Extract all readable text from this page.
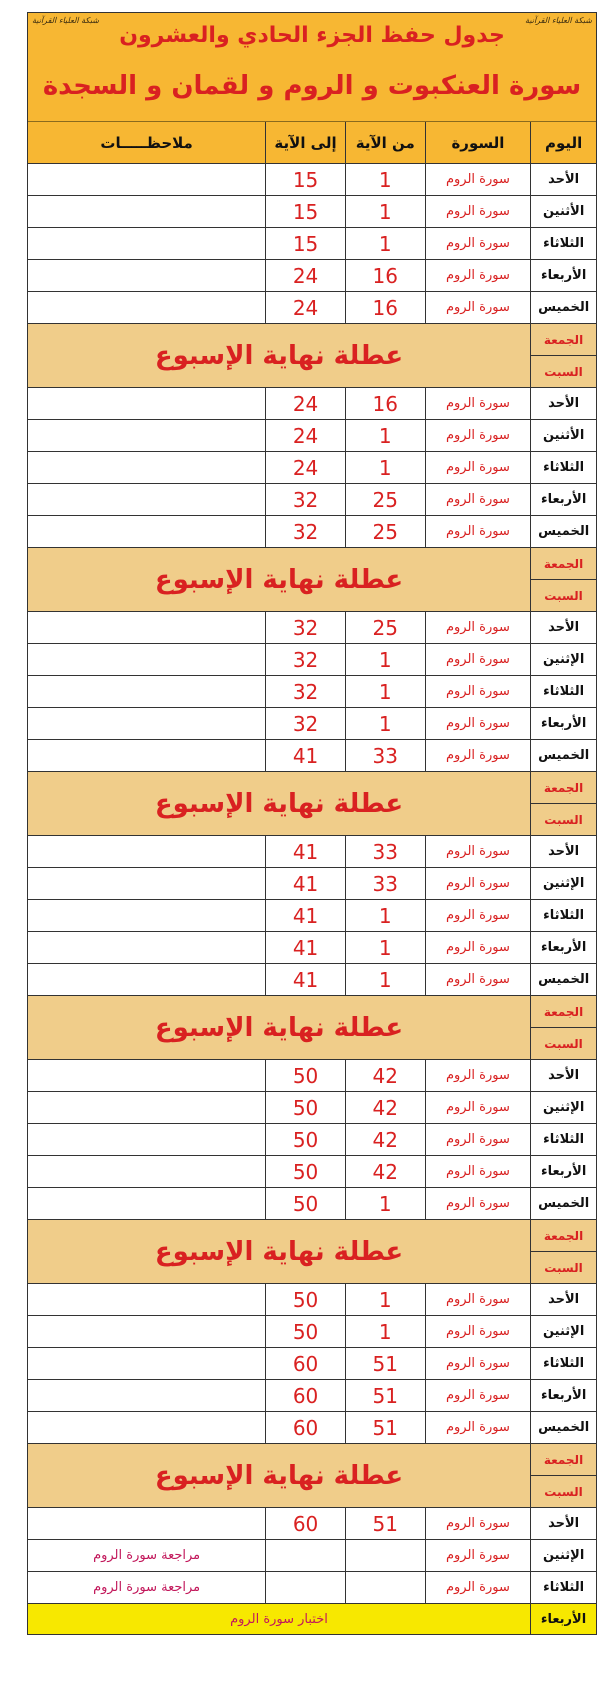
شبكة العلياء القرآنية
شبكة العلياء القرآنية
جدول حفظ الجزء الحادي والعشرون
سورة العنكبوت و الروم و لقمان و السجدة
اليوم
السورة
من الآية
إلى الآية
ملاحظـــــات
الأحد
سورة الروم
1
15
الأثنين
سورة الروم
1
15
الثلاثاء
سورة الروم
1
15
الأربعاء
سورة الروم
16
24
الخميس
سورة الروم
16
24
الجمعة
السبت
عطلة نهاية الإسبوع
الأحد
سورة الروم
16
24
الأثنين
سورة الروم
1
24
الثلاثاء
سورة الروم
1
24
الأربعاء
سورة الروم
25
32
الخميس
سورة الروم
25
32
الجمعة
السبت
عطلة نهاية الإسبوع
الأحد
سورة الروم
25
32
الإثنين
سورة الروم
1
32
الثلاثاء
سورة الروم
1
32
الأربعاء
سورة الروم
1
32
الخميس
سورة الروم
33
41
الجمعة
السبت
عطلة نهاية الإسبوع
الأحد
سورة الروم
33
41
الإثنين
سورة الروم
33
41
الثلاثاء
سورة الروم
1
41
الأربعاء
سورة الروم
1
41
الخميس
سورة الروم
1
41
الجمعة
السبت
عطلة نهاية الإسبوع
الأحد
سورة الروم
42
50
الإثنين
سورة الروم
42
50
الثلاثاء
سورة الروم
42
50
الأربعاء
سورة الروم
42
50
الخميس
سورة الروم
1
50
الجمعة
السبت
عطلة نهاية الإسبوع
الأحد
سورة الروم
1
50
الإثنين
سورة الروم
1
50
الثلاثاء
سورة الروم
51
60
الأربعاء
سورة الروم
51
60
الخميس
سورة الروم
51
60
الجمعة
السبت
عطلة نهاية الإسبوع
الأحد
سورة الروم
51
60
الإثنين
سورة الروم
مراجعة سورة الروم
الثلاثاء
سورة الروم
مراجعة سورة الروم
الأربعاء
اختبار سورة الروم
